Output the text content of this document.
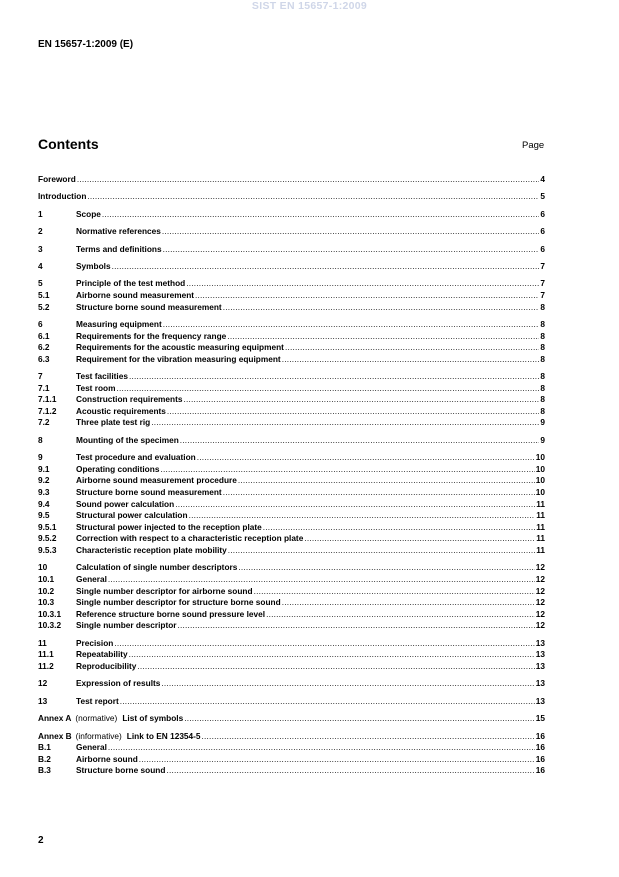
SIST EN 15657-1:2009
EN 15657-1:2009 (E)
Contents	Page
Foreword .....	4
Introduction .....	5
1	Scope .....	6
2	Normative references .....	6
3	Terms and definitions .....	6
4	Symbols .....	7
5	Principle of the test method .....	7
5.1	Airborne sound measurement .....	7
5.2	Structure borne sound measurement .....	8
6	Measuring equipment .....	8
6.1	Requirements for the frequency range .....	8
6.2	Requirements for the acoustic measuring equipment .....	8
6.3	Requirement for the vibration measuring equipment .....	8
7	Test facilities .....	8
7.1	Test room .....	8
7.1.1	Construction requirements .....	8
7.1.2	Acoustic requirements .....	8
7.2	Three plate test rig .....	9
8	Mounting of the specimen .....	9
9	Test procedure and evaluation .....	10
9.1	Operating conditions .....	10
9.2	Airborne sound measurement procedure .....	10
9.3	Structure borne sound measurement .....	10
9.4	Sound power calculation .....	11
9.5	Structural power calculation .....	11
9.5.1	Structural power injected to the reception plate .....	11
9.5.2	Correction with respect to a characteristic reception plate .....	11
9.5.3	Characteristic reception plate mobility .....	11
10	Calculation of single number descriptors .....	12
10.1	General .....	12
10.2	Single number descriptor for airborne sound .....	12
10.3	Single number descriptor for structure borne sound .....	12
10.3.1	Reference structure borne sound pressure level .....	12
10.3.2	Single number descriptor .....	12
11	Precision .....	13
11.1	Repeatability .....	13
11.2	Reproducibility .....	13
12	Expression of results .....	13
13	Test report .....	13
Annex A (normative) List of symbols .....	15
Annex B (informative) Link to EN 12354-5 .....	16
B.1	General .....	16
B.2	Airborne sound .....	16
B.3	Structure borne sound .....	16
2
